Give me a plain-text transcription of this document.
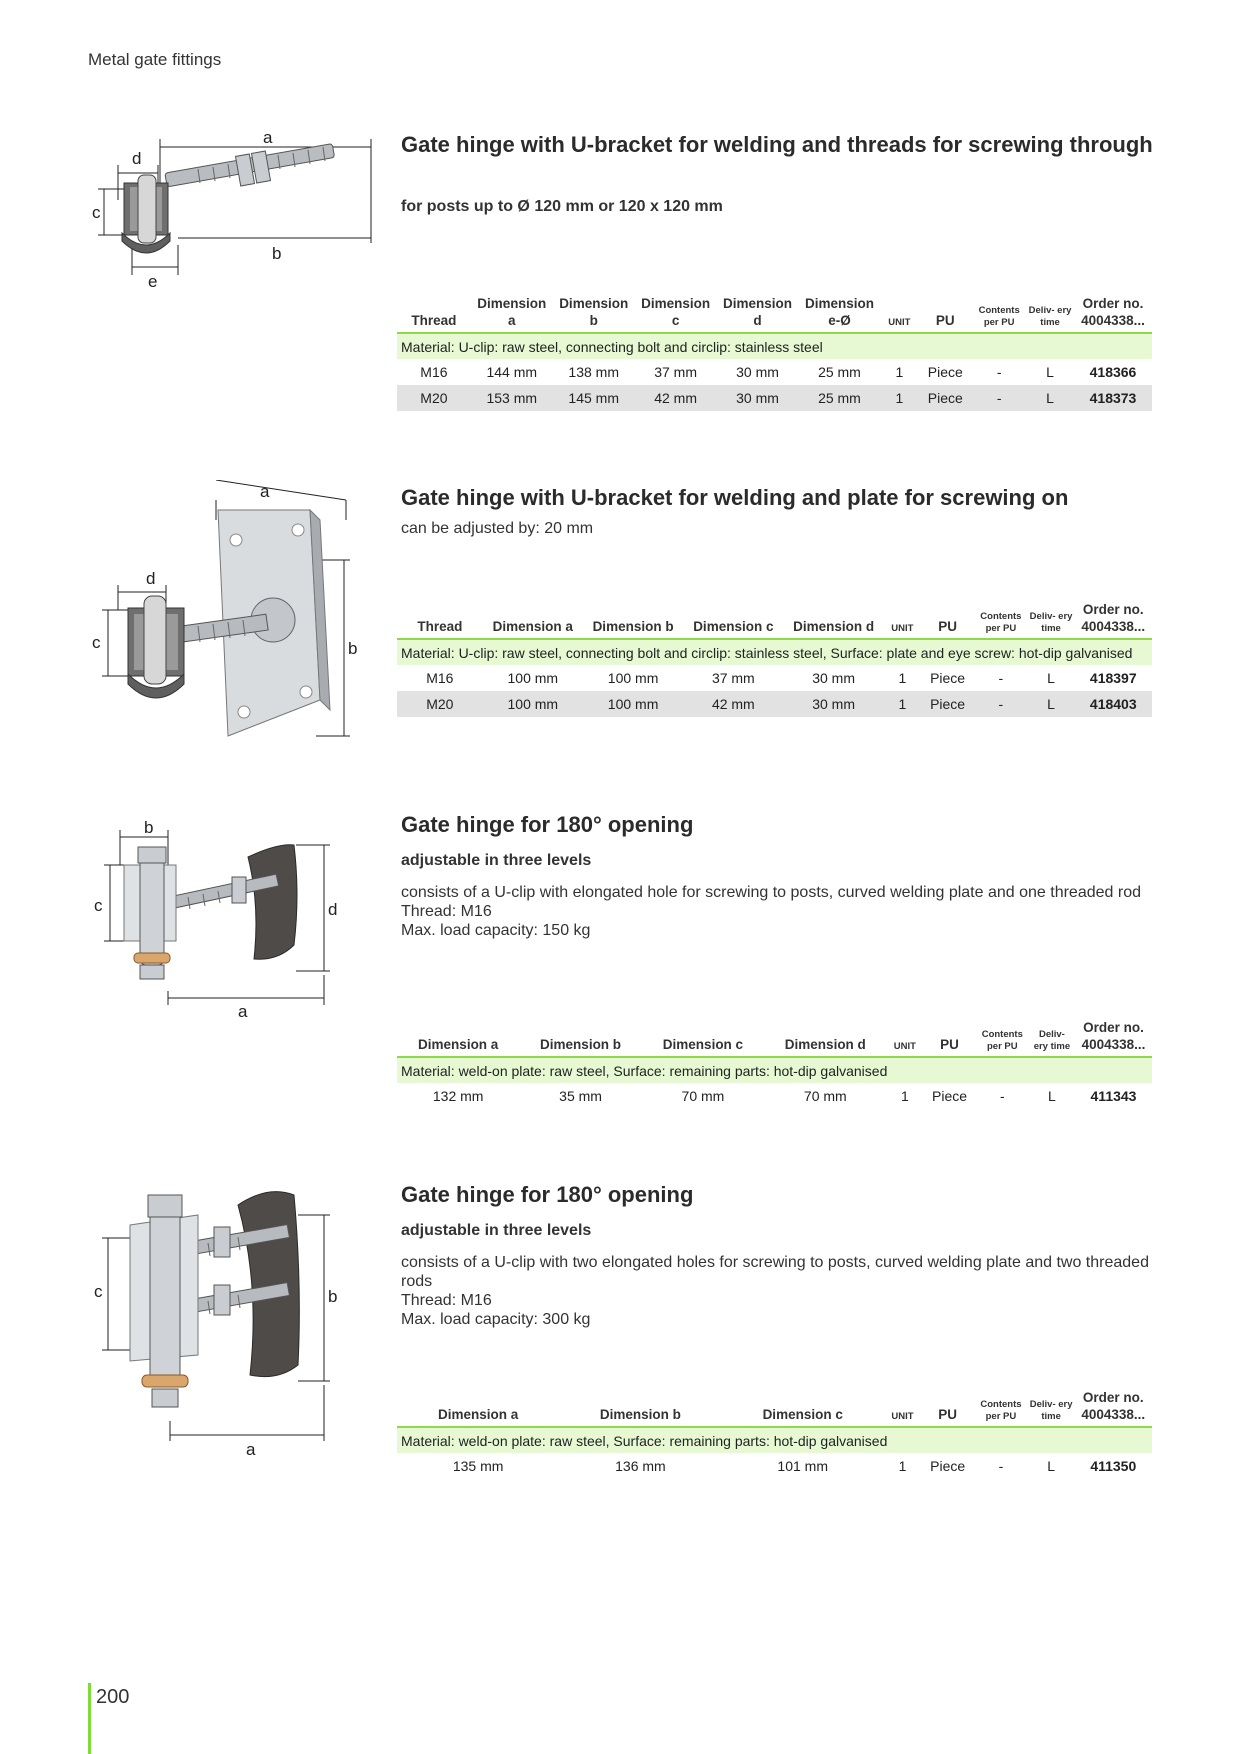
Metal gate fittings
a
d
c
b
e
Gate hinge with U-bracket for welding and threads for screwing through
for posts up to Ø 120 mm or 120 x 120 mm
Thread	Dimension a	Dimension b	Dimension c	Dimension d	Dimension e-Ø	UNIT	PU	Contents per PU	Deliv- ery time	Order no. 4004338...
Material: U-clip: raw steel, connecting bolt and circlip: stainless steel										
M16	144 mm	138 mm	37 mm	30 mm	25 mm	1	Piece	-	L	418366
M20	153 mm	145 mm	42 mm	30 mm	25 mm	1	Piece	-	L	418373
a
b
d
c
Gate hinge with U-bracket for welding and plate for screwing on
can be adjusted by: 20 mm
Thread	Dimension a	Dimension b	Dimension c	Dimension d	UNIT	PU	Contents per PU	Deliv- ery time	Order no. 4004338...
Material: U-clip: raw steel, connecting bolt and circlip: stainless steel, Surface: plate and eye screw: hot-dip galvanised									
M16	100 mm	100 mm	37 mm	30 mm	1	Piece	-	L	418397
M20	100 mm	100 mm	42 mm	30 mm	1	Piece	-	L	418403
b
c	d
a
Gate hinge for 180° opening
adjustable in three levels
consists of a U-clip with elongated hole for screwing to posts, curved welding plate and one threaded rod
Thread: M16
Max. load capacity: 150 kg
Dimension a	Dimension b	Dimension c	Dimension d	UNIT	PU	Contents per PU	Deliv- ery time	Order no. 4004338...
Material: weld-on plate: raw steel, Surface: remaining parts: hot-dip galvanised								
132 mm	35 mm	70 mm	70 mm	1	Piece	-	L	411343
c	b
a
Gate hinge for 180° opening
adjustable in three levels
consists of a U-clip with two elongated holes for screwing to posts, curved welding plate and two threaded rods
Thread: M16
Max. load capacity: 300 kg
Dimension a	Dimension b	Dimension c	UNIT	PU	Contents per PU	Deliv- ery time	Order no. 4004338...
Material: weld-on plate: raw steel, Surface: remaining parts: hot-dip galvanised							
135 mm	136 mm	101 mm	1	Piece	-	L	411350
200
